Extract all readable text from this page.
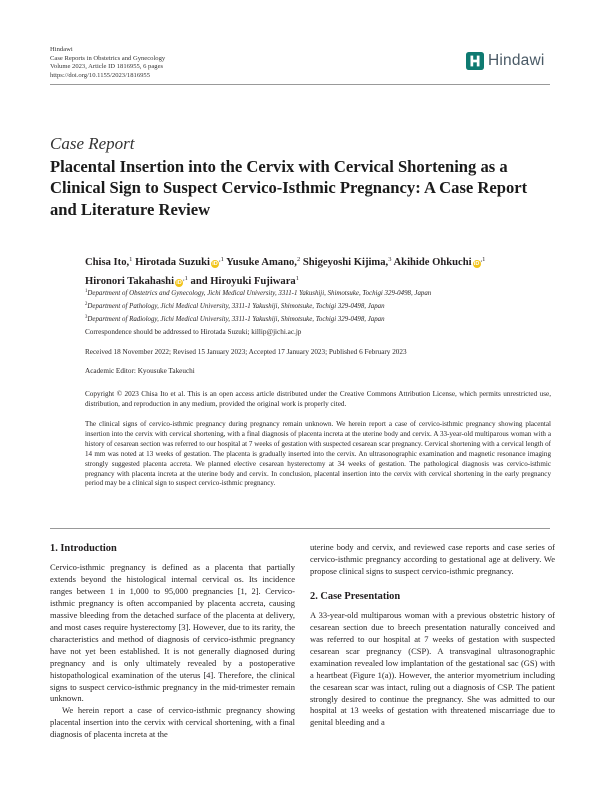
Hindawi
Case Reports in Obstetrics and Gynecology
Volume 2023, Article ID 1816955, 6 pages
https://doi.org/10.1155/2023/1816955
Hindawi
Case Report
Placental Insertion into the Cervix with Cervical Shortening as a Clinical Sign to Suspect Cervico-Isthmic Pregnancy: A Case Report and Literature Review
Chisa Ito,$^1$ Hirotada Suzuki $iD^{,1}$ Yusuke Amano,$^2$ Shigeyoshi Kijima,$^3$ Akihide Ohkuchi $iD^{,1}$
Hironori Takahashi $iD^{,1}$ and Hiroyuki Fujiwara$^1$
$^1$Department of Obstetrics and Gynecology, Jichi Medical University, 3311-1 Yakushiji, Shimotsuke, Tochigi 329-0498, Japan
$^2$Department of Pathology, Jichi Medical University, 3311-1 Yakushiji, Shimotsuke, Tochigi 329-0498, Japan
$^3$Department of Radiology, Jichi Medical University, 3311-1 Yakushiji, Shimotsuke, Tochigi 329-0498, Japan
Correspondence should be addressed to Hirotada Suzuki; killip@jichi.ac.jp
Received 18 November 2022; Revised 15 January 2023; Accepted 17 January 2023; Published 6 February 2023
Academic Editor: Kyousuke Takeuchi
Copyright © 2023 Chisa Ito et al. This is an open access article distributed under the Creative Commons Attribution License, which permits unrestricted use, distribution, and reproduction in any medium, provided the original work is properly cited.
The clinical signs of cervico-isthmic pregnancy during pregnancy remain unknown. We herein report a case of cervico-isthmic pregnancy showing placental insertion into the cervix with cervical shortening, with a final diagnosis of placenta increta at the uterine body and cervix. A 33-year-old multiparous woman with a history of cesarean section was referred to our hospital at 7 weeks of gestation with suspected cesarean scar pregnancy. Cervical shortening with a cervical length of 14 mm was noted at 13 weeks of gestation. The placenta is gradually inserted into the cervix. An ultrasonographic examination and magnetic resonance imaging strongly suggested placenta accreta. We planned elective cesarean hysterectomy at 34 weeks of gestation. The pathological diagnosis was cervico-isthmic pregnancy with placenta increta at the uterine body and cervix. In conclusion, placental insertion into the cervix with cervical shortening in the early pregnancy period may be a clinical sign to suspect cervico-isthmic pregnancy.
1. Introduction

Cervico-isthmic pregnancy is defined as a placenta that partially extends beyond the histological internal cervical os. Its incidence ranges between 1 in 1,000 to 95,000 pregnancies [1, 2]. Cervico-isthmic pregnancy is often accompanied by placenta accreta, causing massive bleeding from the detached surface of the placenta at delivery, and most cases require hysterectomy [3]. However, due to its rarity, the characteristics and method of diagnosis of cervico-isthmic pregnancy have not yet been established. It is not generally diagnosed during pregnancy and is only ultimately revealed by a postoperative histopathological examination of the uterus [4]. Therefore, the clinical signs to suspect cervico-isthmic pregnancy in the mid-trimester remain unknown.

We herein report a case of cervico-isthmic pregnancy showing placental insertion into the cervix with cervical shortening, with a final diagnosis of placenta increta at the

uterine body and cervix, and reviewed case reports and case series of cervico-isthmic pregnancy according to gestational age at delivery. We propose clinical signs to suspect cervico-isthmic pregnancy.

2. Case Presentation

A 33-year-old multiparous woman with a previous obstetric history of cesarean section due to breech presentation naturally conceived and was referred to our hospital at 7 weeks of gestation with suspected cesarean scar pregnancy (CSP). A transvaginal ultrasonographic examination revealed low implantation of the gestational sac (GS) with a heartbeat (Figure 1(a)). However, the anterior myometrium including the cesarean scar was intact, ruling out a diagnosis of CSP. The patient strongly desired to continue the pregnancy. She was admitted to our hospital at 13 weeks of gestation with threatened miscarriage due to genital bleeding and a
